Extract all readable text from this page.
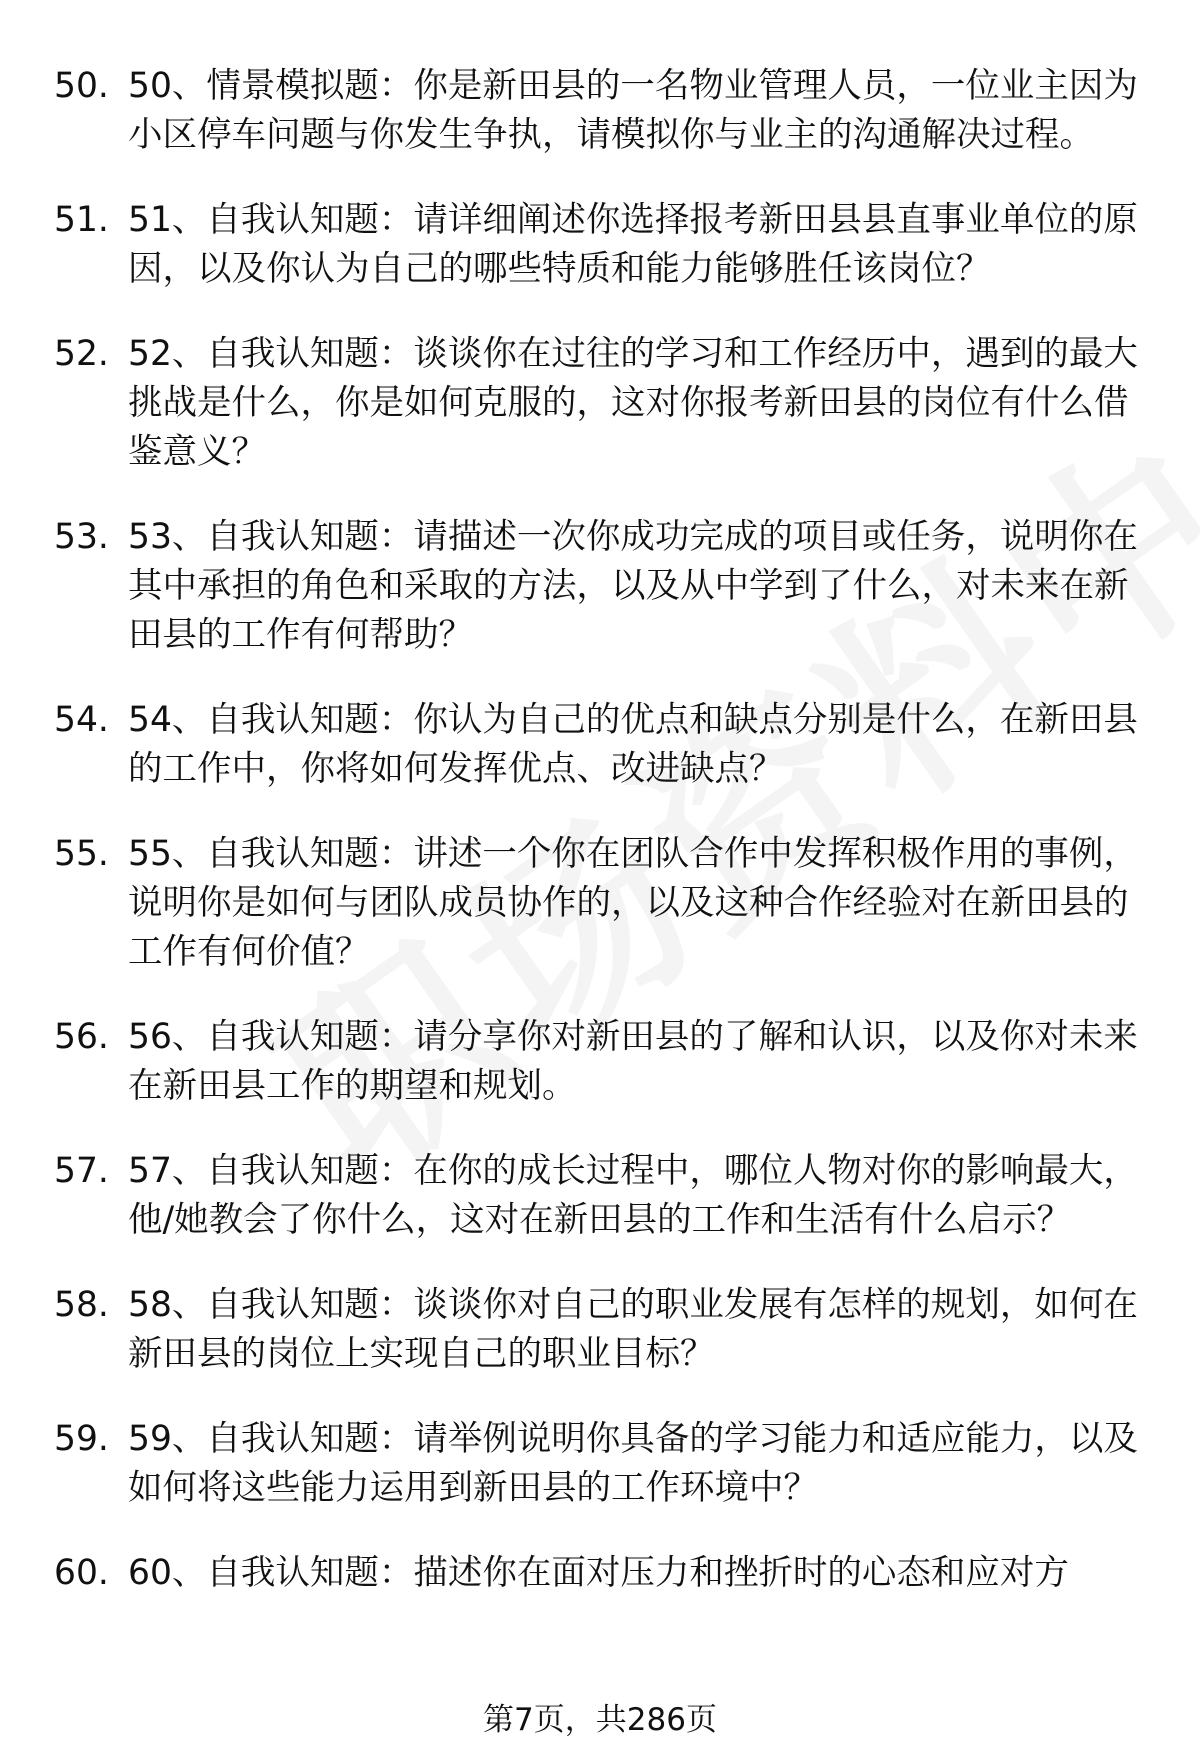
50. 50、情景模拟题：你是新田县的一名物业管理人员，一位业主因为小区停车问题与你发生争执，请模拟你与业主的沟通解决过程。
51. 51、自我认知题：请详细阐述你选择报考新田县县直事业单位的原因，以及你认为自己的哪些特质和能力能够胜任该岗位？
52. 52、自我认知题：谈谈你在过往的学习和工作经历中，遇到的最大挑战是什么，你是如何克服的，这对你报考新田县的岗位有什么借鉴意义？
53. 53、自我认知题：请描述一次你成功完成的项目或任务，说明你在其中承担的角色和采取的方法，以及从中学到了什么，对未来在新田县的工作有何帮助？
54. 54、自我认知题：你认为自己的优点和缺点分别是什么，在新田县的工作中，你将如何发挥优点、改进缺点？
55. 55、自我认知题：讲述一个你在团队合作中发挥积极作用的事例，说明你是如何与团队成员协作的，以及这种合作经验对在新田县的工作有何价值？
56. 56、自我认知题：请分享你对新田县的了解和认识，以及你对未来在新田县工作的期望和规划。
57. 57、自我认知题：在你的成长过程中，哪位人物对你的影响最大，他/她教会了你什么，这对在新田县的工作和生活有什么启示？
58. 58、自我认知题：谈谈你对自己的职业发展有怎样的规划，如何在新田县的岗位上实现自己的职业目标？
59. 59、自我认知题：请举例说明你具备的学习能力和适应能力，以及如何将这些能力运用到新田县的工作环境中？
60. 60、自我认知题：描述你在面对压力和挫折时的心态和应对方
第7页，共286页
